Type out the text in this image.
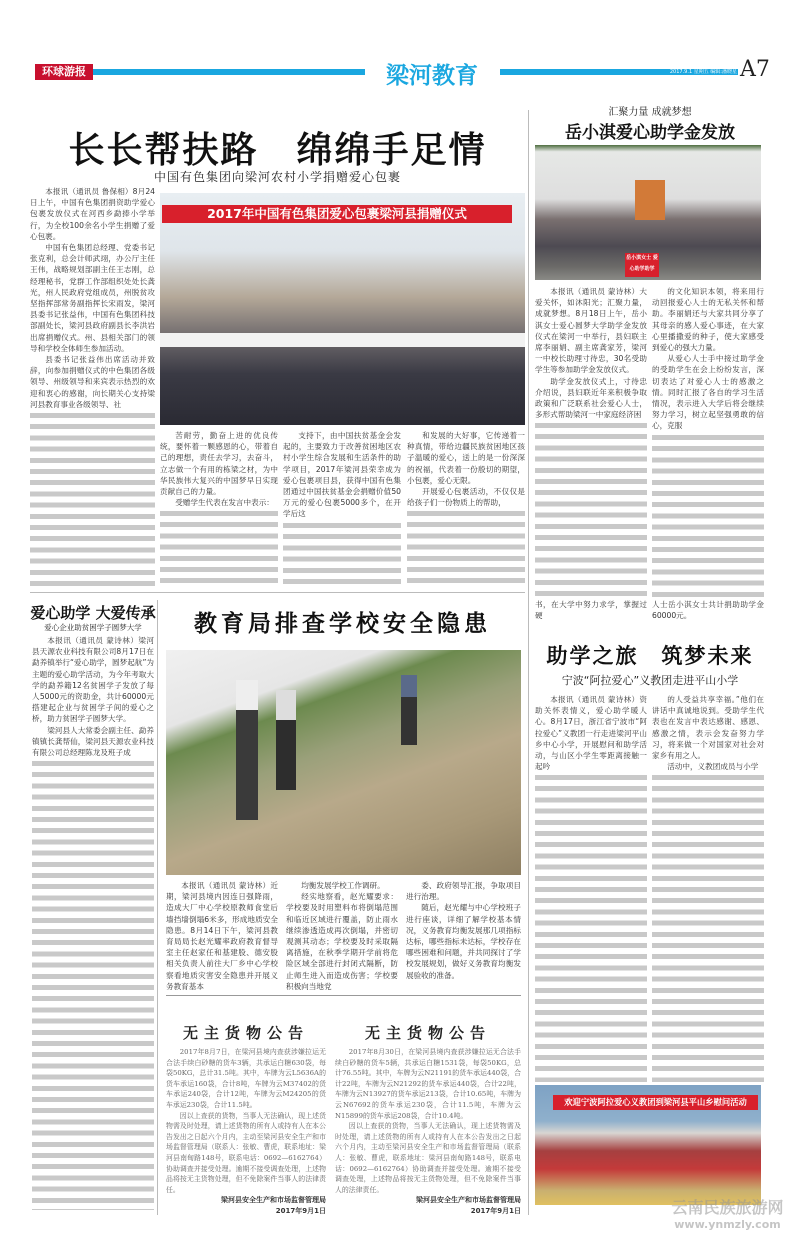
环球游报	梁河教育	2017.9.1 星期五 编辑:潘晓星 A7
长长帮扶路　绵绵手足情
中国有色集团向梁河农村小学捐赠爱心包裹

本报讯（通讯员 鲁保相）8月24日上午，中国有色集团捐资助学爱心包裹发放仪式在河西乡勐捧小学举行，为全校100余名小学生捐赠了爱心包裹。

中国有色集团总经理、党委书记张克利，总会计师武翊，办公厅主任王伟，战略规划部副主任王志刚，总经理秘书，党群工作部组织处处长龚光，州人民政府党组成员，州脱贫攻坚指挥部常务副指挥长宋雨发，梁河县委书记张益伟，中国有色集团科技部副处长，梁河县政府副县长李洪岩出席捐赠仪式。州、县相关部门的领导和学校全体师生参加活动。

县委书记张益伟出席活动并致辞，向参加捐赠仪式的中色集团各级领导、州级领导和来宾表示热烈的欢迎和衷心的感谢，向长期关心支持梁河县教育事业各级领导、社

2017年中国有色集团爱心包裹梁河县捐赠仪式

苦耐劳，勤奋上进的优良传统，要怀着一颗感恩的心，带着自己的理想，责任去学习，去奋斗，立志做一个有用的栋梁之材，为中华民族伟大复兴的中国梦早日实现贡献自己的力量。

受赠学生代表在发言中表示：

支持下，由中国扶贫基金会发起的，主要致力于改善贫困地区农村小学生综合发展和生活条件的助学项目，2017年梁河县荣幸成为爱心包裹项目县，获得中国有色集团通过中国扶贫基金会捐赠价值50万元的爱心包裹5000多个，在开学后这

和发展的大好事，它传递着一种真情，带给边疆民族贫困地区孩子温暖的爱心，送上的是一份深深的祝福，代表着一份殷切的期望，小包裹，爱心无限。

开展爱心包裹活动，不仅仅是给孩子们一份物质上的帮助，

爱心助学 大爱传承
爱心企业助贫困学子圆梦大学

本报讯（通讯员 蒙诗林）梁河县天源农业科技有限公司8月17日在勐养镇举行“爱心助学，圆梦起航”为主题的爱心助学活动，为今年考取大学的勐养籍12名贫困学子发放了每人5000元的资助金，共计60000元搭建起企业与贫困学子间的爱心之桥，助力贫困学子圆梦大学。

梁河县人大常委会副主任、勐养镇镇长龚帮仙，梁河县天源农业科技有限公司总经理陈龙及班子成

教育局排查学校安全隐患

本报讯（通讯员 蒙诗林）近期，梁河县境内因连日强降雨，造成大厂中心学校原教师食堂后墙挡墙倒塌6米多，形成地质安全隐患。8月14日下午，梁河县教育局局长赵光耀率政府教育督导室主任赵家任和基建股、德安股相关负责人前往大厂乡中心学校察看地质灾害安全隐患并开展义务教育基本

均衡发展学校工作调研。

经实地察看，赵光耀要求：学校要及时用塑料布将倒塌范围和临近区域进行覆盖，防止雨水继续渗透造成再次倒塌，并密切观测其动态；学校要及时采取隔离措施，在秋季学期开学前将危险区域全部进行封闭式隔断，防止师生进入而造成伤害；学校要积极向当地党

委、政府领导汇报，争取项目进行治理。

随后，赵光耀与中心学校班子进行座谈，详细了解学校基本情况，义务教育均衡发展那几项指标达标，哪些指标未达标，学校存在哪些困难和问题，并共同探讨了学校发展规划，做好义务教育均衡发展验收的准备。

无主货物公告

2017年8月7日，在梁河县境内查获涉嫌拉运无合法手续白砂糖的货车3辆，共承运白糖630袋，每袋50KG，总计31.5吨。其中，车牌为云L5636A的货车承运160袋，合计8吨，车牌为云M37402的货车承运240袋，合计12吨，车牌为云M24205的货车承运230袋，合计11.5吨。

因以上查获的货物，当事人无法确认，现上述货物需及时处理，请上述货物的所有人或持有人在本公告发出之日起六个月内，主动至梁河县安全生产和市场监督管理局（联系人：张敏、曹虎，联系地址：梁河县南甸路148号，联系电话：0692—6162764）协助调查并接受处理。逾期不接受调查处理，上述物品将按无主货物处理，但不免除案件当事人的法律责任。

梁河县安全生产和市场监督管理局
2017年9月1日
无主货物公告

2017年8月30日，在梁河县境内查获涉嫌拉运无合法手续白砂糖的货车5辆，共承运白糖1531袋，每袋50KG，总计76.55吨。其中，车牌为云N21191的货车承运440袋，合计22吨，车牌为云N21292的货车承运440袋，合计22吨，车牌为云N13927的货车承运213袋，合计10.65吨，车牌为云N67692的货车承运230袋，合计11.5吨，车牌为云N15899的货车承运208袋，合计10.4吨。

因以上查获的货物，当事人无法确认，现上述货物需及时处理，请上述货物的所有人或持有人在本公告发出之日起六个月内，主动至梁河县安全生产和市场监督管理局（联系人：张敏、曹虎，联系地址：梁河县南甸路148号，联系电话：0692—6162764）协助调查并接受处理。逾期不接受调查处理，上述物品将按无主货物处理，但不免除案件当事人的法律责任。

梁河县安全生产和市场监督管理局
2017年9月1日
汇聚力量 成就梦想
岳小淇爱心助学金发放
岳小淇女士 爱心助学助学

本报讯（通讯员 蒙诗林）大爱关怀，如沐阳光；汇聚力量，成就梦想。8月18日上午，岳小淇女士爱心圆梦大学助学金发放仪式在梁河一中举行，县妇联主席李丽娟、副主席龚家芳，梁河一中校长助理寸待忠，30名受助学生等参加助学金发放仪式。

助学金发放仪式上，寸待忠介绍说，县妇联近年来积极争取政策和广泛联系社会爱心人士，多形式帮助梁河一中家庭经济困

书，在大学中努力求学，掌握过硬

的文化知识本领，将来用行动回报爱心人士的无私关怀和帮助。李丽娟还与大家共同分享了其母亲的感人爱心事迹，在大家心里播撒爱的种子，使大家感受到爱心的强大力量。

从爱心人士手中接过助学金的受助学生在会上纷纷发言，深切表达了对爱心人士的感激之情。同时汇报了各自的学习生活情况，表示进入大学后将会继续努力学习，树立起坚强勇敢的信心，克服

人士岳小淇女士共计捐助助学金60000元。

助学之旅　筑梦未来
宁波“阿拉爱心”义教团走进平山小学

本报讯（通讯员 蒙诗林）资助关怀表情义，爱心助学暖人心。8月17日，浙江省宁波市“阿拉爱心”义教团一行走进梁河平山乡中心小学，开展慰问和助学活动，与山区小学生零距离接触一起吟

的人受益共享幸福。”他们在讲话中真诚地说到。受助学生代表也在发言中表达感谢、感恩、感激之情，表示会发奋努力学习，将来做一个对国家对社会对家乡有用之人。

活动中，义教团成员与小学

欢迎宁波阿拉爱心义教团到梁河县平山乡慰问活动
云南民族旅游网
www.ynmzly.com
